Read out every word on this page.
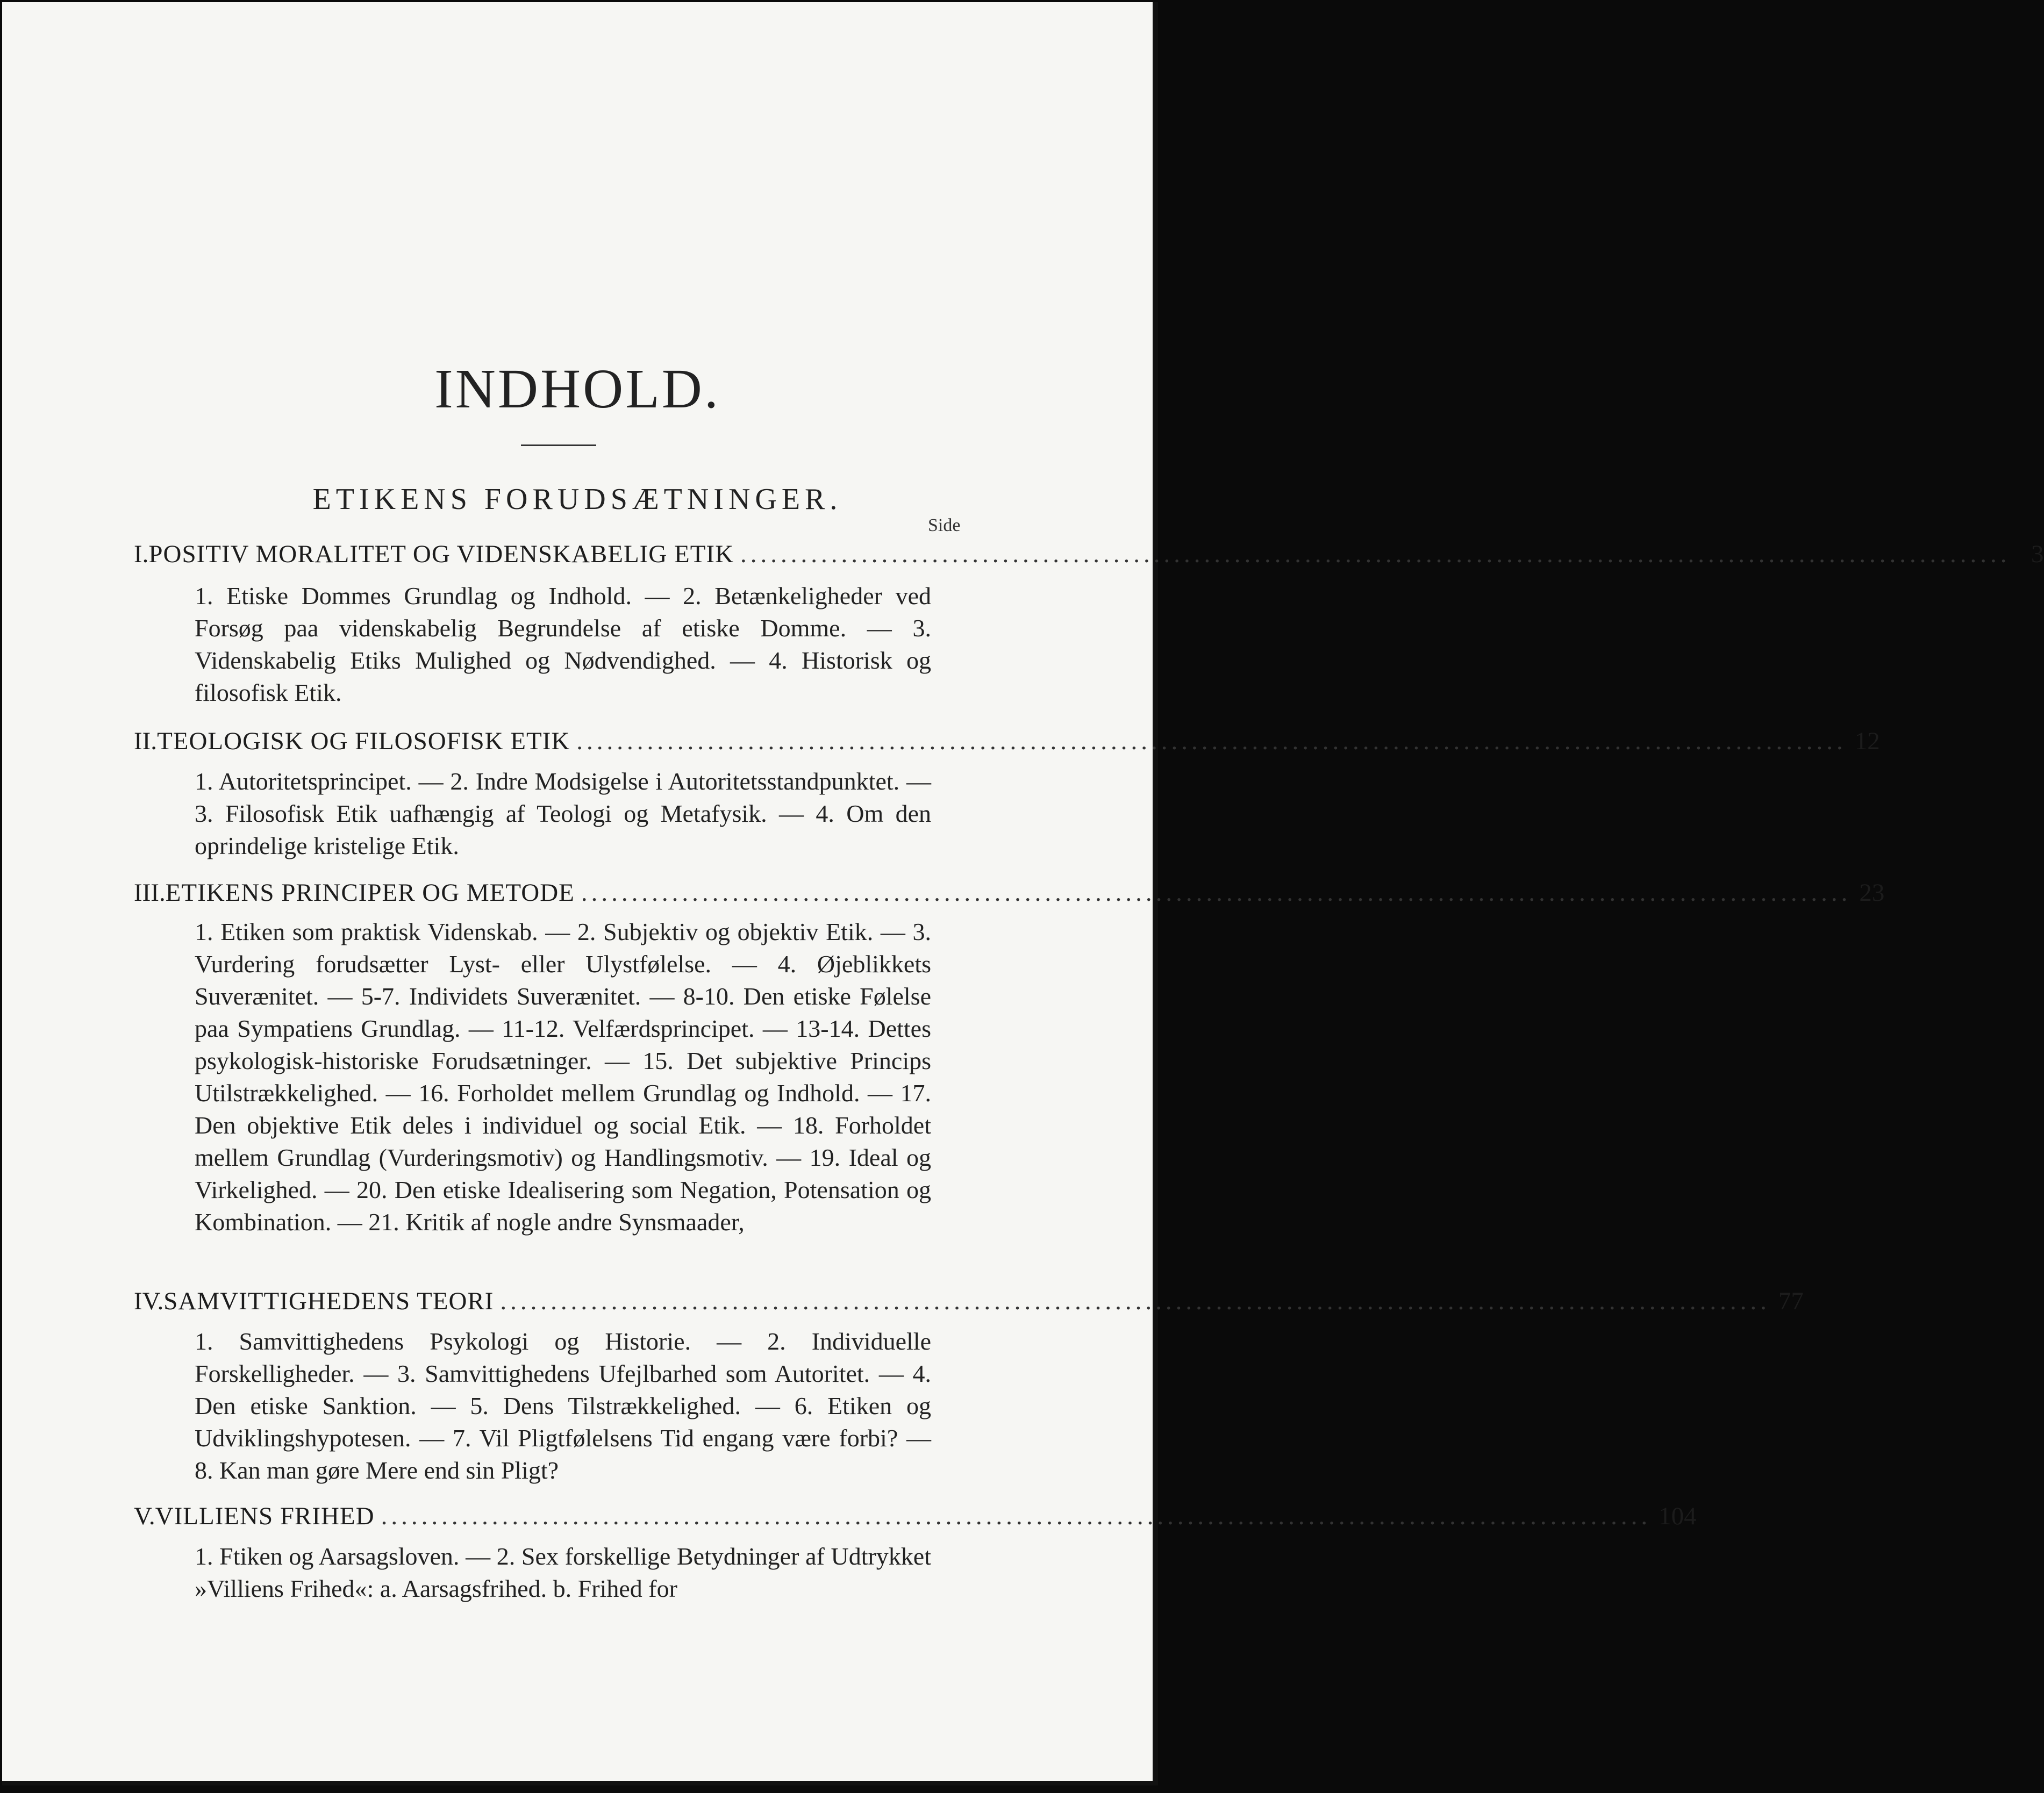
INDHOLD.
ETIKENS FORUDSÆTNINGER.
Side
I. POSITIV MORALITET OG VIDENSKABELIG ETIK .............................................................................................................................. 3
1. Etiske Dommes Grundlag og Indhold. — 2. Betænkeligheder ved Forsøg paa videnskabelig Begrundelse af etiske Domme. — 3. Videnskabelig Etiks Mulighed og Nødvendighed. — 4. Historisk og filosofisk Etik.
II. TEOLOGISK OG FILOSOFISK ETIK .............................................................................................................................. 12
1. Autoritetsprincipet. — 2. Indre Modsigelse i Autoritetsstandpunktet. — 3. Filosofisk Etik uafhængig af Teologi og Metafysik. — 4. Om den oprindelige kristelige Etik.
III. ETIKENS PRINCIPER OG METODE .............................................................................................................................. 23
1. Etiken som praktisk Videnskab. — 2. Subjektiv og objektiv Etik. — 3. Vurdering forudsætter Lyst- eller Ulystfølelse. — 4. Øjeblikkets Suverænitet. — 5-7. Individets Suverænitet. — 8-10. Den etiske Følelse paa Sympatiens Grundlag. — 11-12. Velfærdsprincipet. — 13-14. Dettes psykologisk-historiske Forudsætninger. — 15. Det subjektive Princips Utilstrækkelighed. — 16. Forholdet mellem Grundlag og Indhold. — 17. Den objektive Etik deles i individuel og social Etik. — 18. Forholdet mellem Grundlag (Vurderingsmotiv) og Handlingsmotiv. — 19. Ideal og Virkelighed. — 20. Den etiske Idealisering som Negation, Potensation og Kombination. — 21. Kritik af nogle andre Synsmaader,
IV. SAMVITTIGHEDENS TEORI .............................................................................................................................. 77
1. Samvittighedens Psykologi og Historie. — 2. Individuelle Forskelligheder. — 3. Samvittighedens Ufejlbarhed som Autoritet. — 4. Den etiske Sanktion. — 5. Dens Tilstrækkelighed. — 6. Etiken og Udviklingshypotesen. — 7. Vil Pligtfølelsens Tid engang være forbi? — 8. Kan man gøre Mere end sin Pligt?
V. VILLIENS FRIHED .............................................................................................................................. 104
1. Ftiken og Aarsagsloven. — 2. Sex forskellige Betydninger af Udtrykket »Villiens Frihed«: a. Aarsagsfrihed. b. Frihed for
